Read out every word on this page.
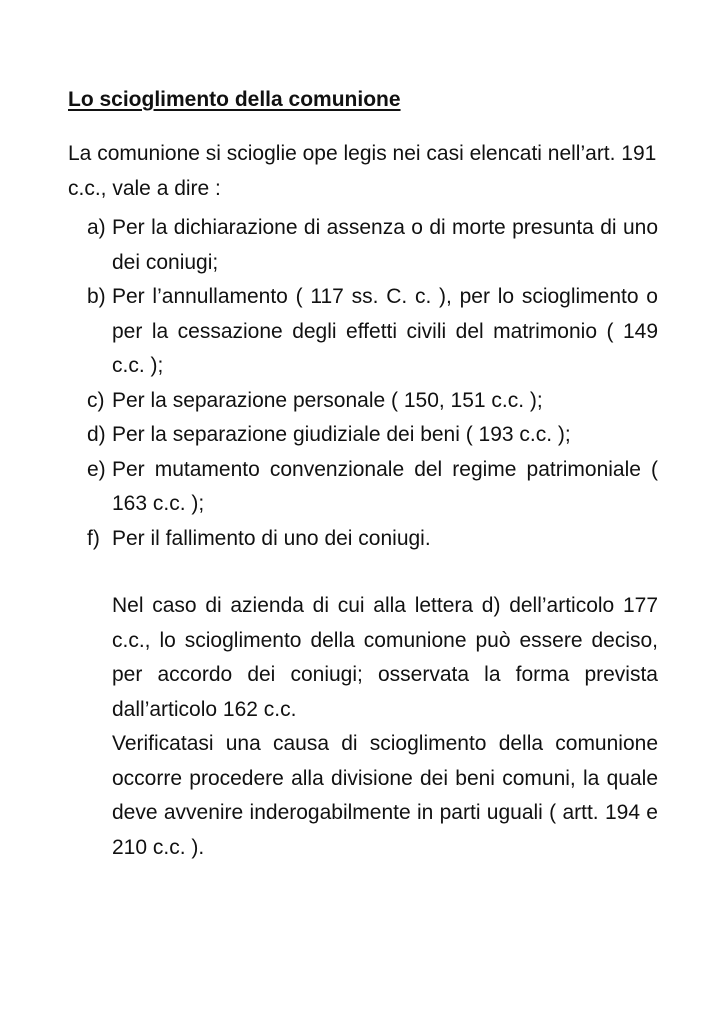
Lo scioglimento della comunione

La comunione si scioglie ope legis nei casi elencati nell’art. 191 c.c., vale a dire :

a) Per la dichiarazione di assenza o di morte presunta di uno dei coniugi;
b) Per l’annullamento ( 117 ss. C. c. ), per lo scioglimento o per la cessazione degli effetti civili del matrimonio ( 149 c.c. );
c) Per la separazione personale ( 150, 151 c.c. );
d) Per la separazione giudiziale dei beni ( 193 c.c. );
e) Per mutamento convenzionale del regime patrimoniale ( 163 c.c. );
f) Per il fallimento di uno dei coniugi.

Nel caso di azienda di cui alla lettera d) dell’articolo 177 c.c., lo scioglimento della comunione può essere deciso, per accordo dei coniugi; osservata la forma prevista dall’articolo 162 c.c.

Verificatasi una causa di scioglimento della comunione occorre procedere alla divisione dei beni comuni, la quale deve avvenire inderogabilmente in parti uguali ( artt. 194 e 210 c.c. ).
